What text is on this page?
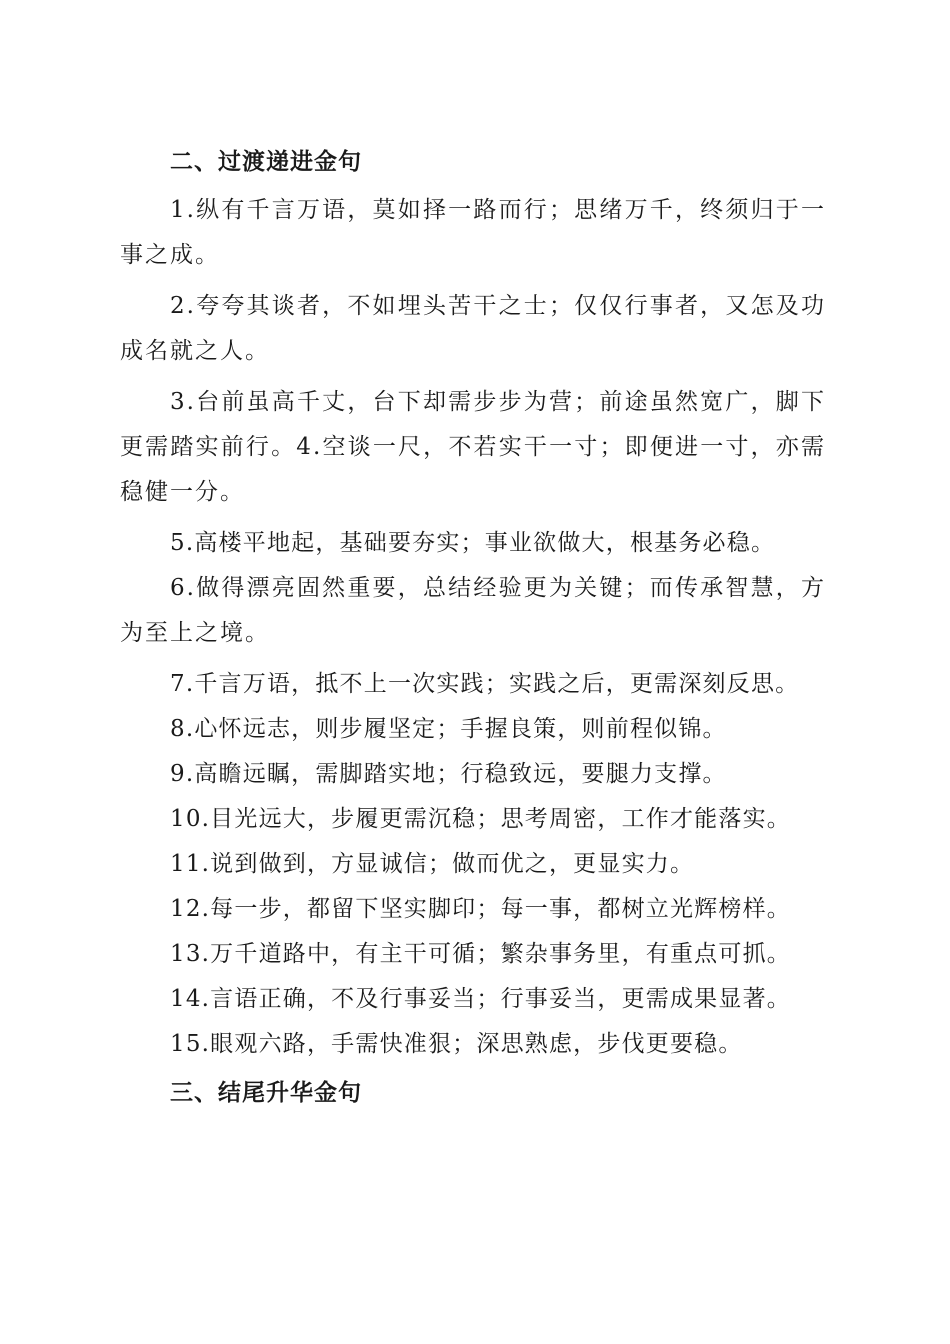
二、过渡递进金句

1.纵有千言万语，莫如择一路而行；思绪万千，终须归于一事之成。

2.夸夸其谈者，不如埋头苦干之士；仅仅行事者，又怎及功成名就之人。

3.台前虽高千丈，台下却需步步为营；前途虽然宽广，脚下更需踏实前行。4.空谈一尺，不若实干一寸；即便进一寸，亦需稳健一分。

5.高楼平地起，基础要夯实；事业欲做大，根基务必稳。

6.做得漂亮固然重要，总结经验更为关键；而传承智慧，方为至上之境。

7.千言万语，抵不上一次实践；实践之后，更需深刻反思。

8.心怀远志，则步履坚定；手握良策，则前程似锦。

9.高瞻远瞩，需脚踏实地；行稳致远，要腿力支撑。

10.目光远大，步履更需沉稳；思考周密，工作才能落实。

11.说到做到，方显诚信；做而优之，更显实力。

12.每一步，都留下坚实脚印；每一事，都树立光辉榜样。

13.万千道路中，有主干可循；繁杂事务里，有重点可抓。

14.言语正确，不及行事妥当；行事妥当，更需成果显著。

15.眼观六路，手需快准狠；深思熟虑，步伐更要稳。

三、结尾升华金句
